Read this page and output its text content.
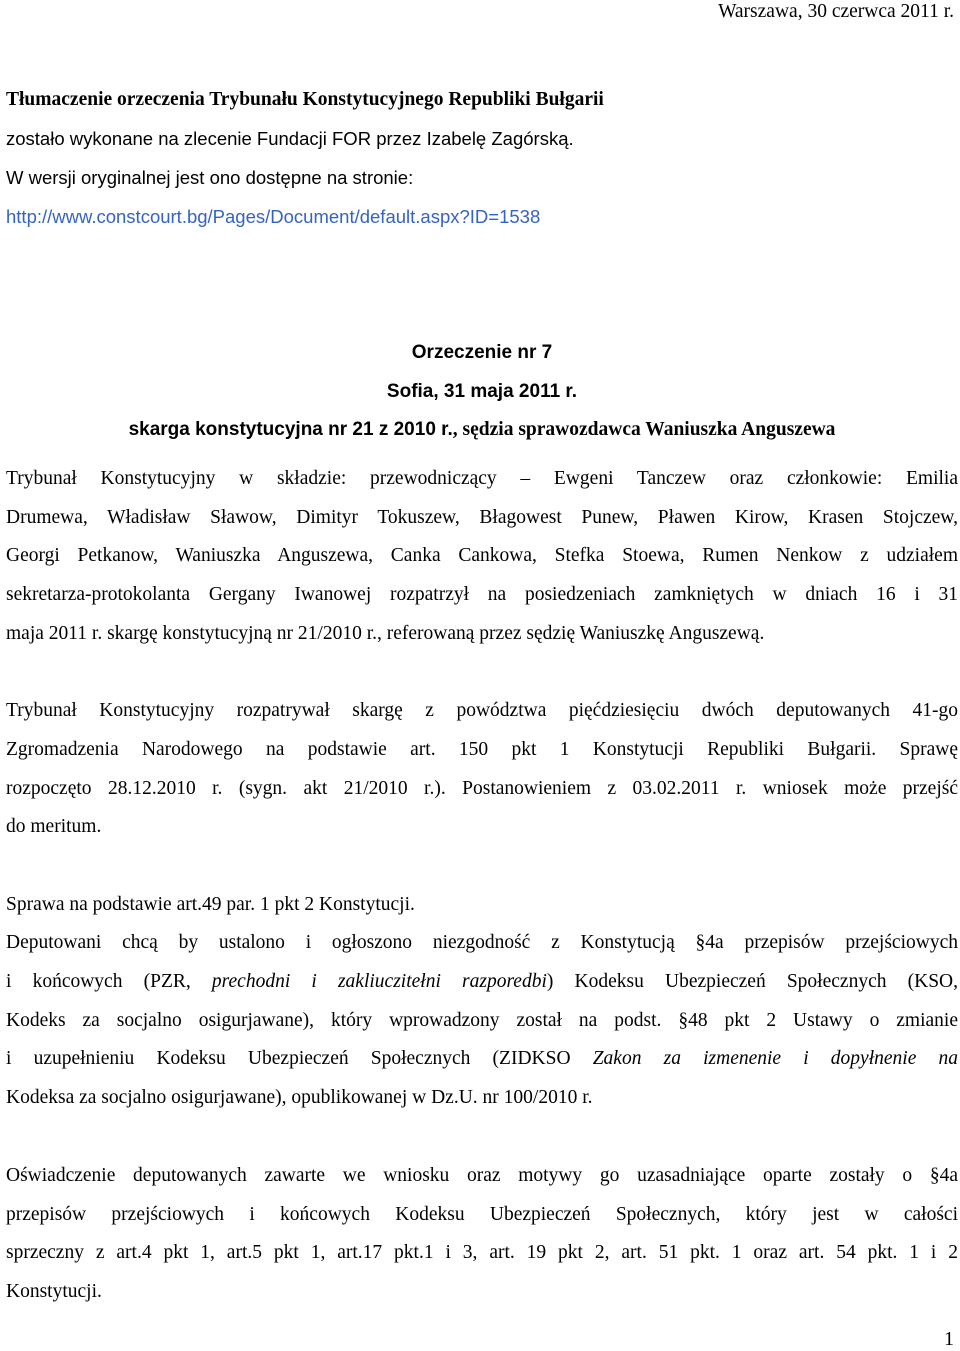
Warszawa, 30 czerwca 2011 r.

Tłumaczenie orzeczenia Trybunału Konstytucyjnego Republiki Bułgarii

zostało wykonane na zlecenie Fundacji FOR przez Izabelę Zagórską.

W wersji oryginalnej jest ono dostępne na stronie:

http://www.constcourt.bg/Pages/Document/default.aspx?ID=1538

Orzeczenie nr 7

Sofia, 31 maja 2011 r.

skarga konstytucyjna nr 21 z 2010 r., sędzia sprawozdawca Waniuszka Anguszewa

Trybunał Konstytucyjny w składzie: przewodniczący – Ewgeni Tanczew oraz członkowie: Emilia

Drumewa, Władisław Sławow, Dimityr Tokuszew, Błagowest Punew, Pławen Kirow, Krasen Stojczew,

Georgi Petkanow, Waniuszka Anguszewa, Canka Cankowa, Stefka Stoewa, Rumen Nenkow z udziałem

sekretarza-protokolanta Gergany Iwanowej rozpatrzył na posiedzeniach zamkniętych w dniach 16 i 31

maja 2011 r. skargę konstytucyjną nr 21/2010 r., referowaną przez sędzię Waniuszkę Anguszewą.

Trybunał Konstytucyjny rozpatrywał skargę z powództwa pięćdziesięciu dwóch deputowanych 41-go

Zgromadzenia Narodowego na podstawie art. 150 pkt 1 Konstytucji Republiki Bułgarii. Sprawę

rozpoczęto 28.12.2010 r. (sygn. akt 21/2010 r.). Postanowieniem z 03.02.2011 r. wniosek może przejść

do meritum.

Sprawa na podstawie art.49 par. 1 pkt 2 Konstytucji.

Deputowani chcą by ustalono i ogłoszono niezgodność z Konstytucją §4a przepisów przejściowych

i końcowych (PZR, prechodni i zakliuczitełni razporedbi) Kodeksu Ubezpieczeń Społecznych (KSO,

Kodeks za socjalno osigurjawane), który wprowadzony został na podst. §48 pkt 2 Ustawy o zmianie

i uzupełnieniu Kodeksu Ubezpieczeń Społecznych (ZIDKSO Zakon za izmenenie i dopyłnenie na

Kodeksa za socjalno osigurjawane), opublikowanej w Dz.U. nr 100/2010 r.

Oświadczenie deputowanych zawarte we wniosku oraz motywy go uzasadniające oparte zostały o §4a

przepisów przejściowych i końcowych Kodeksu Ubezpieczeń Społecznych, który jest w całości

sprzeczny z art.4 pkt 1, art.5 pkt 1, art.17 pkt.1 i 3, art. 19 pkt 2, art. 51 pkt. 1 oraz art. 54 pkt. 1 i 2

Konstytucji.

1
